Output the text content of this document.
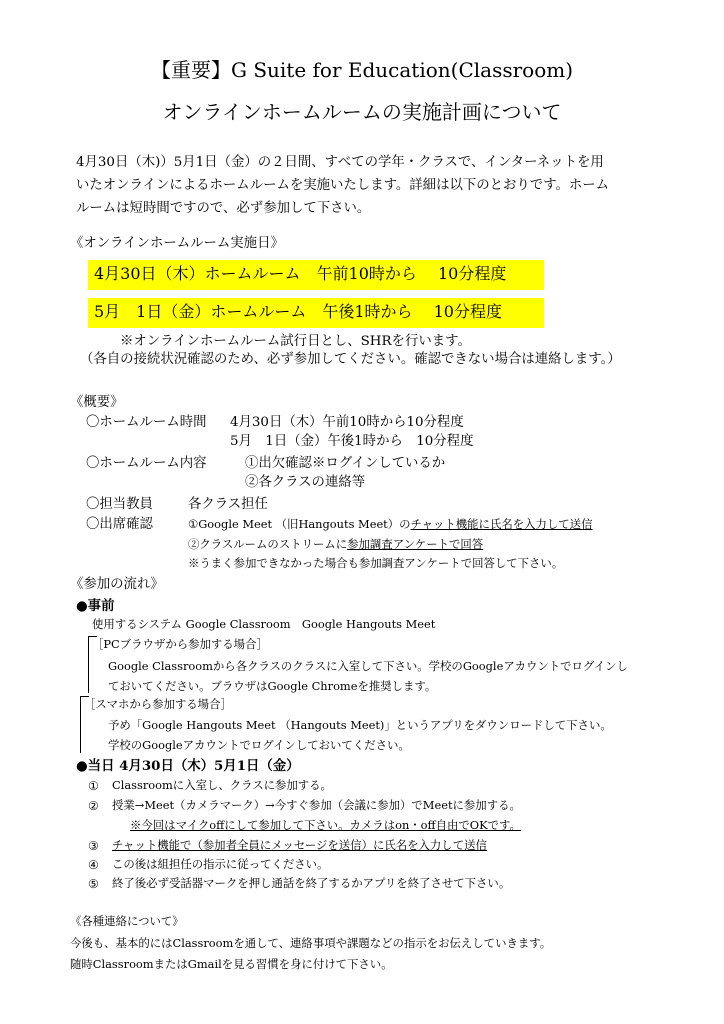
【重要】G Suite for Education(Classroom)
オンラインホームルームの実施計画について
4月30日（木)）5月1日（金）の２日間、すべての学年・クラスで、インターネットを用
いたオンラインによるホームルームを実施いたします。詳細は以下のとおりです。ホーム
ルームは短時間ですので、必ず参加して下さい。
《オンラインホームルーム実施日》
4月30日（木）ホームルーム　午前10時から　 10分程度
5月　1日（金）ホームルーム　午後1時から　 10分程度
※オンラインホームルーム試行日とし、SHRを行います。
（各自の接続状況確認のため、必ず参加してください。確認できない場合は連絡します。）
《概要》
〇ホームルーム時間 4月30日（木）午前10時から10分程度
5月　1日（金）午後1時から　10分程度
〇ホームルーム内容	①出欠確認※ログインしているか
②各クラスの連絡等
〇担当教員	各クラス担任
〇出席確認	①Google Meet （旧Hangouts Meet）のチャット機能に氏名を入力して送信
②クラスルームのストリームに参加調査アンケートで回答
※うまく参加できなかった場合も参加調査アンケートで回答して下さい。
《参加の流れ》
●事前
使用するシステム Google Classroom　Google Hangouts Meet
［PCブラウザから参加する場合］
Google Classroomから各クラスのクラスに入室して下さい。学校のGoogleアカウントでログインし
ておいてください。ブラウザはGoogle Chromeを推奨します。
［スマホから参加する場合］
予め「Google Hangouts Meet （Hangouts Meet)」というアプリをダウンロードして下さい。
学校のGoogleアカウントでログインしておいてください。
●当日 4月30日（木）5月1日（金）
① Classroomに入室し、クラスに参加する。
② 授業→Meet（カメラマーク）→今すぐ参加（会議に参加）でMeetに参加する。
※今回はマイクoffにして参加して下さい。カメラはon・off自由でOKです。
③ チャット機能で（参加者全員にメッセージを送信）に氏名を入力して送信
④ この後は組担任の指示に従ってください。
⑤ 終了後必ず受話器マークを押し通話を終了するかアプリを終了させて下さい。
《各種連絡について》
今後も、基本的にはClassroomを通して、連絡事項や課題などの指示をお伝えしていきます。
随時ClassroomまたはGmailを見る習慣を身に付けて下さい。
